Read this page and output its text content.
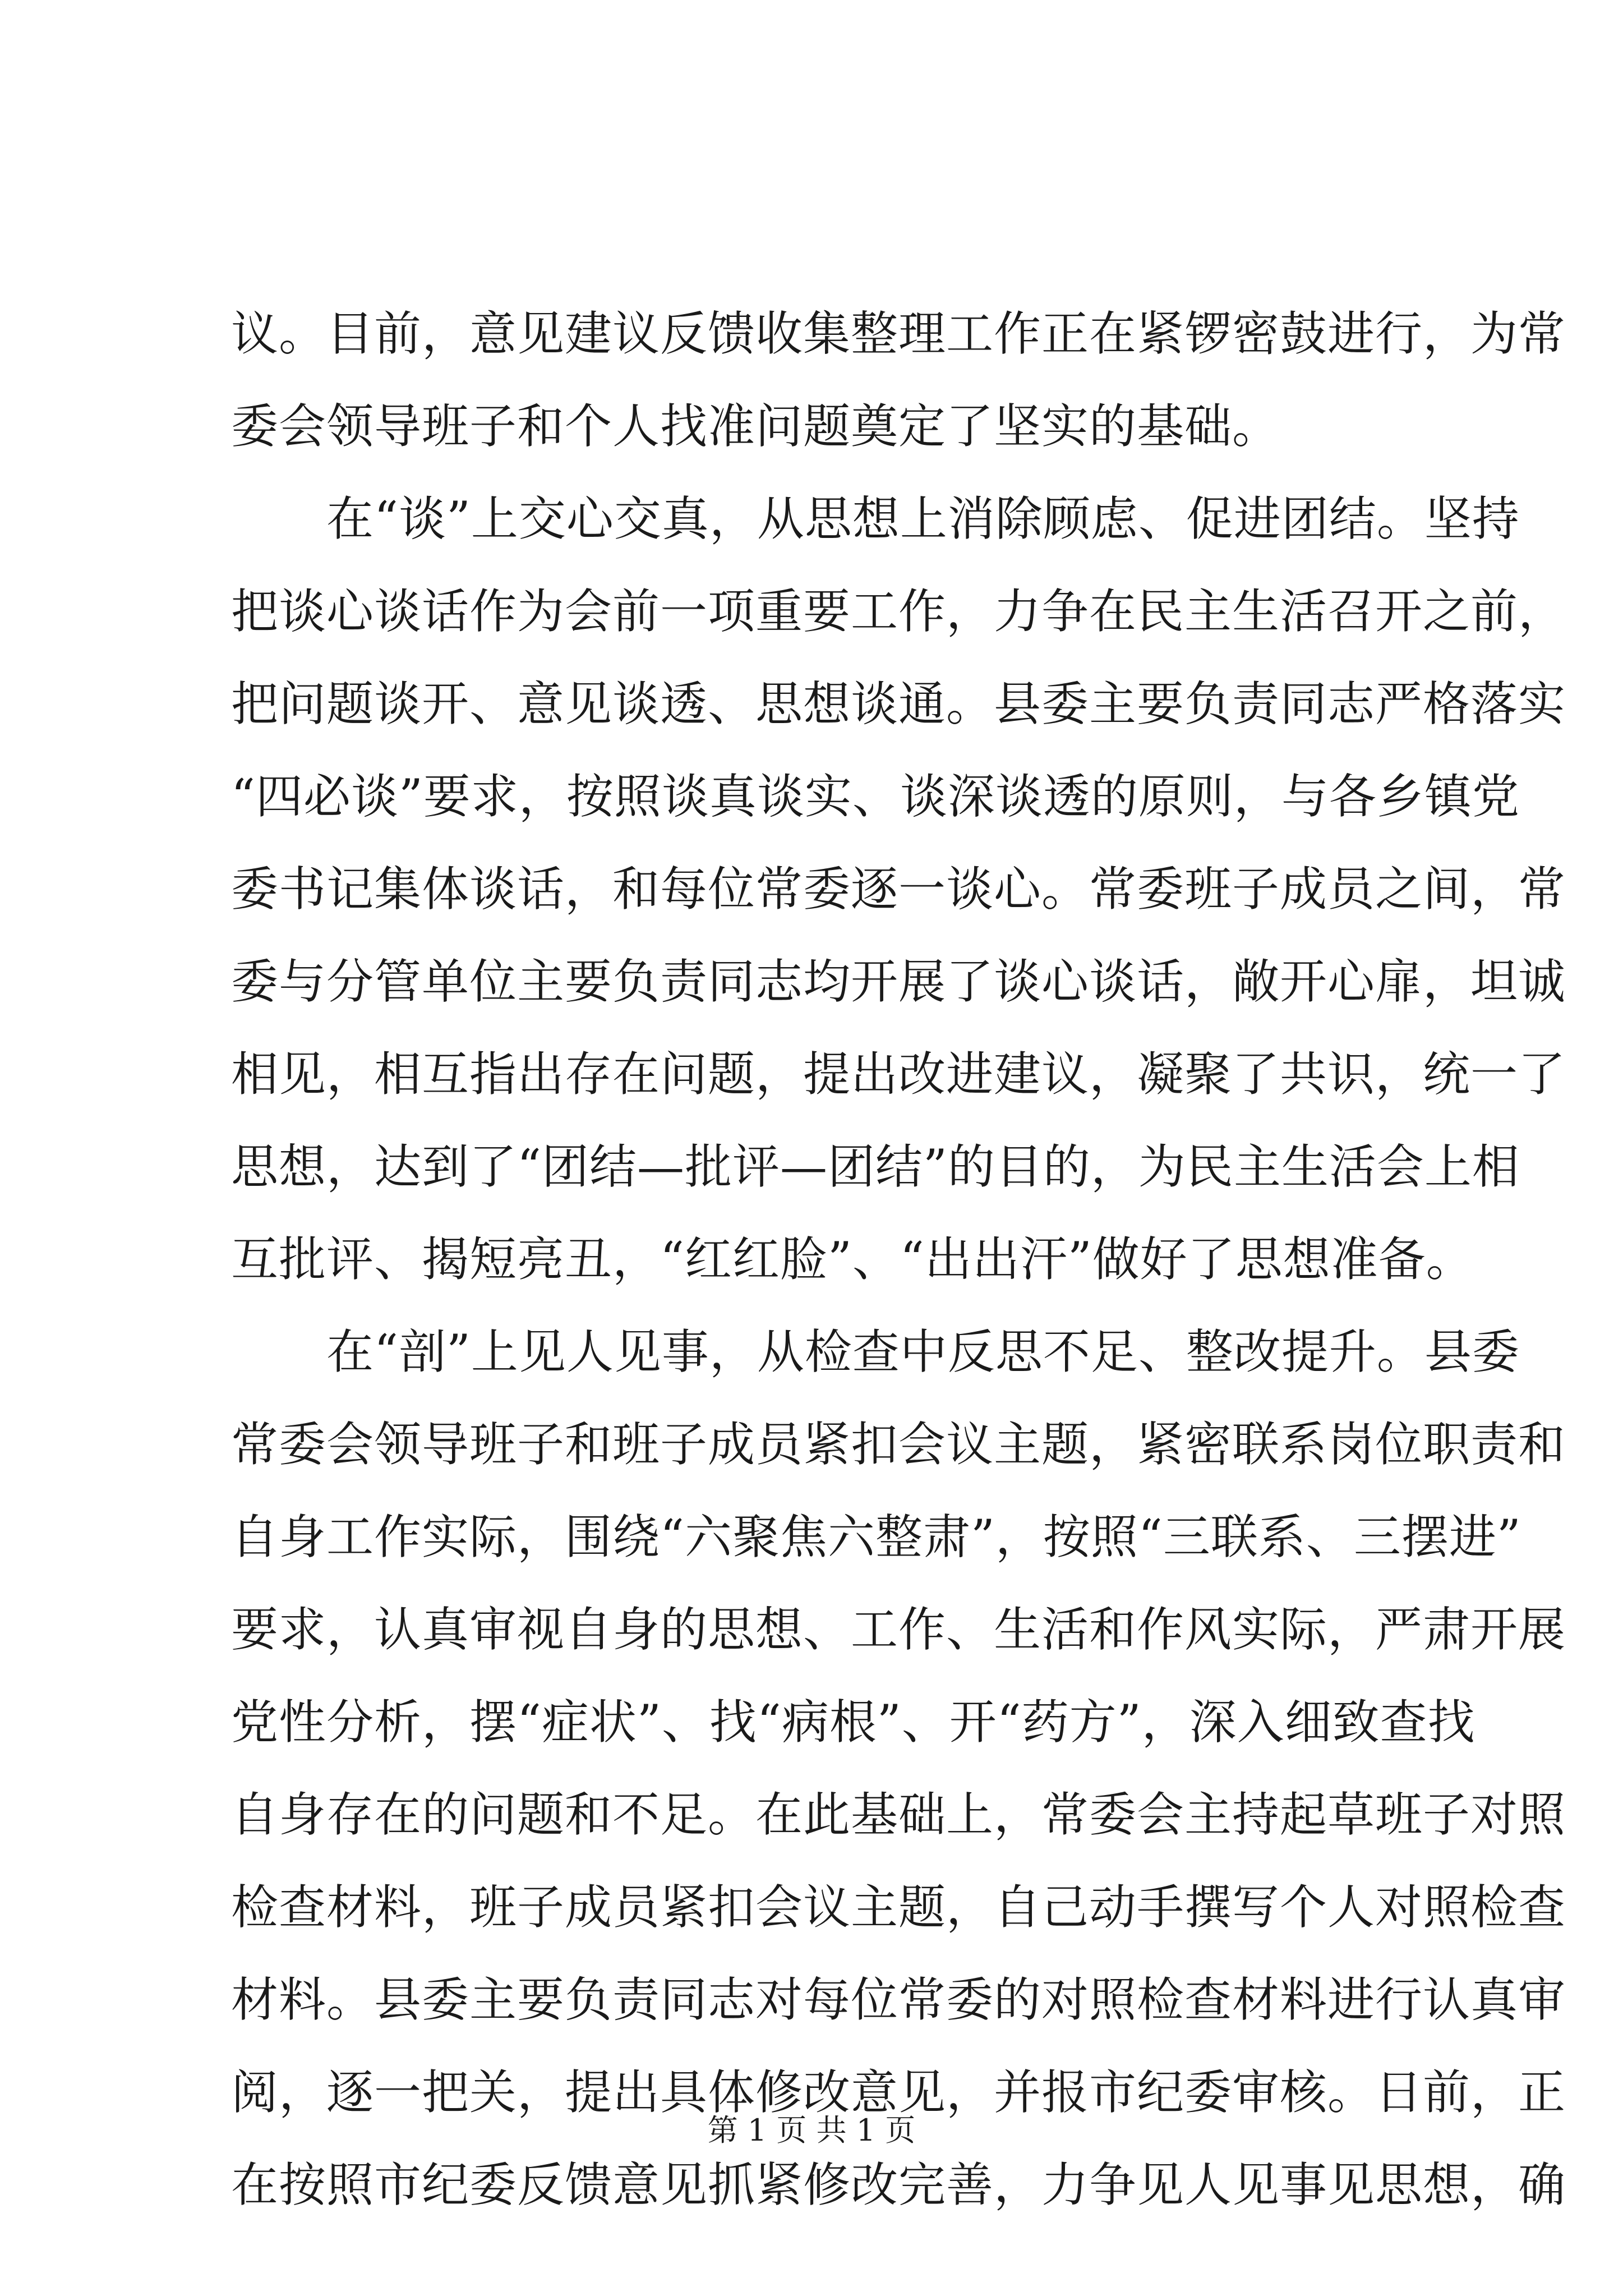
议。目前，意见建议反馈收集整理工作正在紧锣密鼓进行，为常
委会领导班子和个人找准问题奠定了坚实的基础。
　　在“谈”上交心交真，从思想上消除顾虑、促进团结。坚持
把谈心谈话作为会前一项重要工作，力争在民主生活召开之前，
把问题谈开、意见谈透、思想谈通。县委主要负责同志严格落实
“四必谈”要求，按照谈真谈实、谈深谈透的原则，与各乡镇党
委书记集体谈话，和每位常委逐一谈心。常委班子成员之间，常
委与分管单位主要负责同志均开展了谈心谈话，敞开心扉，坦诚
相见，相互指出存在问题，提出改进建议，凝聚了共识，统一了
思想，达到了“团结—批评—团结”的目的，为民主生活会上相
互批评、揭短亮丑，“红红脸”、“出出汗”做好了思想准备。
　　在“剖”上见人见事，从检查中反思不足、整改提升。县委
常委会领导班子和班子成员紧扣会议主题，紧密联系岗位职责和
自身工作实际，围绕“六聚焦六整肃”，按照“三联系、三摆进”
要求，认真审视自身的思想、工作、生活和作风实际，严肃开展
党性分析，摆“症状”、找“病根”、开“药方”，深入细致查找
自身存在的问题和不足。在此基础上，常委会主持起草班子对照
检查材料，班子成员紧扣会议主题，自己动手撰写个人对照检查
材料。县委主要负责同志对每位常委的对照检查材料进行认真审
阅，逐一把关，提出具体修改意见，并报市纪委审核。日前，正
在按照市纪委反馈意见抓紧修改完善，力争见人见事见思想，确
第 1 页 共 1 页
